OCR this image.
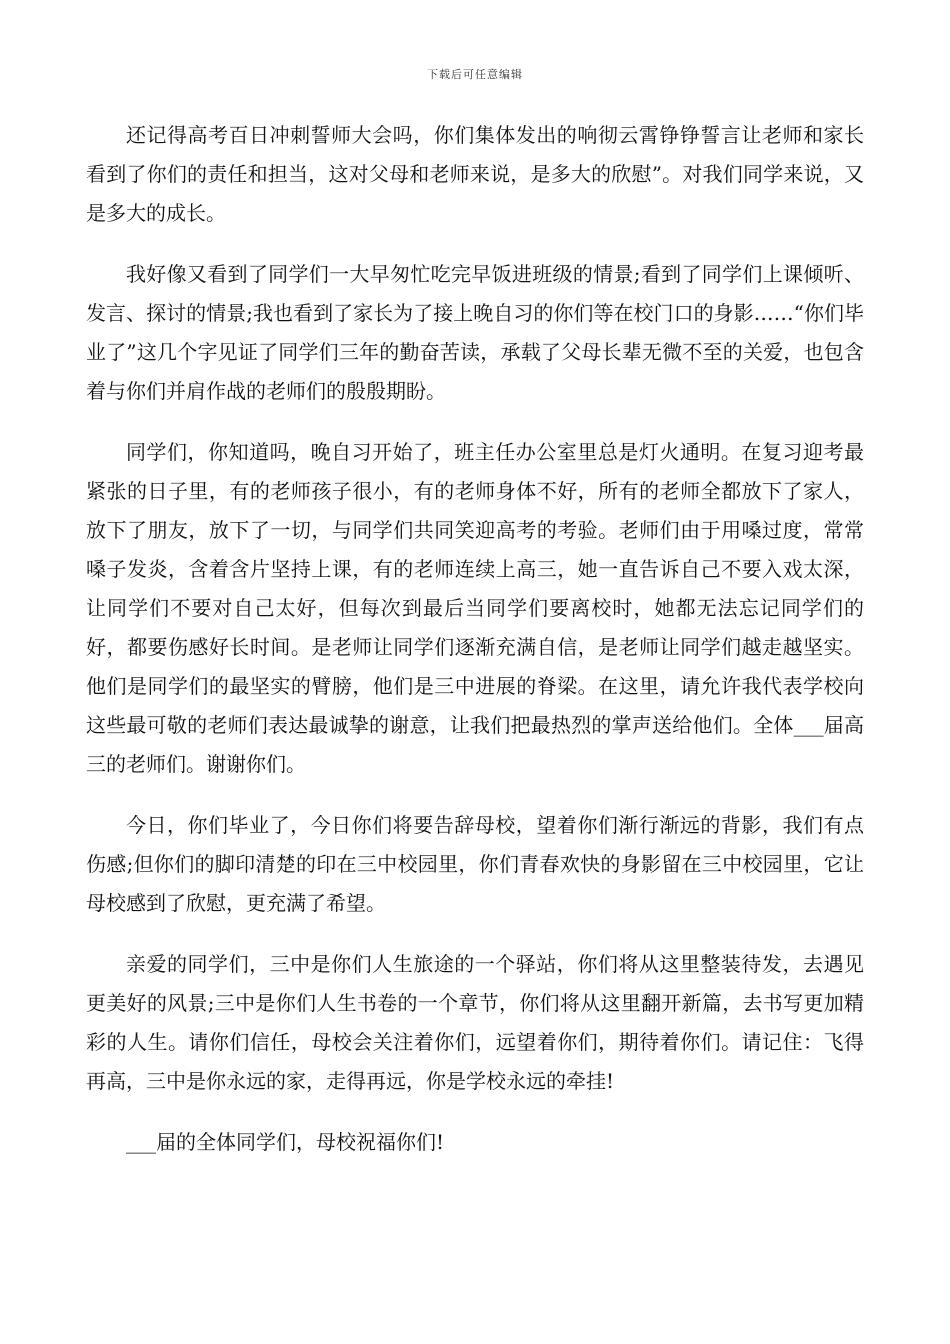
下载后可任意编辑

还记得高考百日冲刺誓师大会吗，你们集体发出的响彻云霄铮铮誓言让老师和家长看到了你们的责任和担当，这对父母和老师来说，是多大的欣慰”。对我们同学来说，又是多大的成长。

我好像又看到了同学们一大早匆忙吃完早饭进班级的情景;看到了同学们上课倾听、发言、探讨的情景;我也看到了家长为了接上晚自习的你们等在校门口的身影……“你们毕业了”这几个字见证了同学们三年的勤奋苦读，承载了父母长辈无微不至的关爱，也包含着与你们并肩作战的老师们的殷殷期盼。

同学们，你知道吗，晚自习开始了，班主任办公室里总是灯火通明。在复习迎考最紧张的日子里，有的老师孩子很小，有的老师身体不好，所有的老师全都放下了家人，放下了朋友，放下了一切，与同学们共同笑迎高考的考验。老师们由于用嗓过度，常常嗓子发炎，含着含片坚持上课，有的老师连续上高三，她一直告诉自己不要入戏太深，让同学们不要对自己太好，但每次到最后当同学们要离校时，她都无法忘记同学们的好，都要伤感好长时间。是老师让同学们逐渐充满自信，是老师让同学们越走越坚实。他们是同学们的最坚实的臂膀，他们是三中进展的脊梁。在这里，请允许我代表学校向这些最可敬的老师们表达最诚挚的谢意，让我们把最热烈的掌声送给他们。全体___届高三的老师们。谢谢你们。

今日，你们毕业了，今日你们将要告辞母校，望着你们渐行渐远的背影，我们有点伤感;但你们的脚印清楚的印在三中校园里，你们青春欢快的身影留在三中校园里，它让母校感到了欣慰，更充满了希望。

亲爱的同学们，三中是你们人生旅途的一个驿站，你们将从这里整装待发，去遇见更美好的风景;三中是你们人生书卷的一个章节，你们将从这里翻开新篇，去书写更加精彩的人生。请你们信任，母校会关注着你们，远望着你们，期待着你们。请记住：飞得再高，三中是你永远的家，走得再远，你是学校永远的牵挂!

___届的全体同学们，母校祝福你们!
